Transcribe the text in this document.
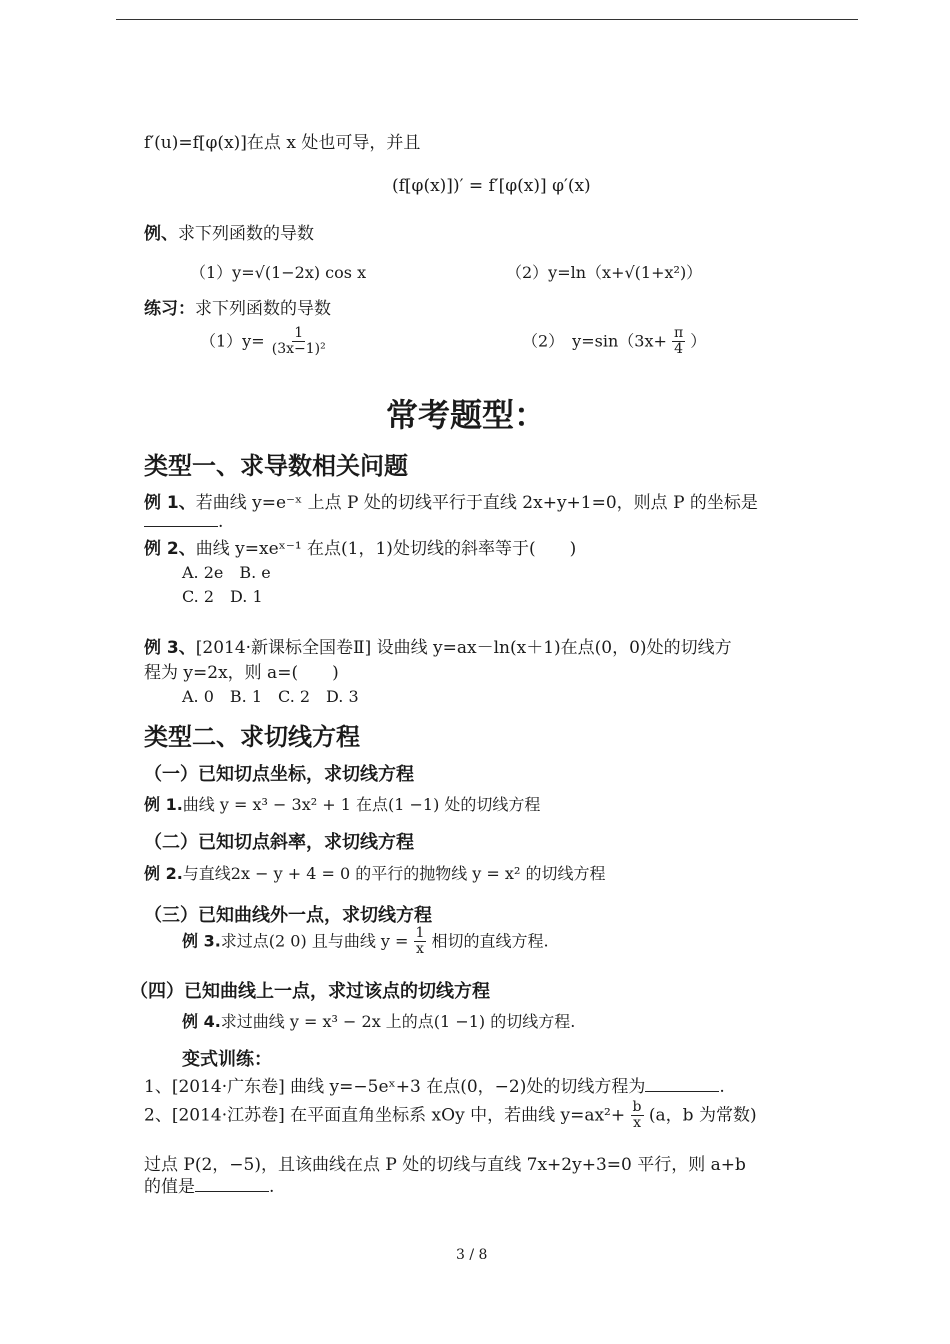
f′(u)=f[φ(x)]在点 x 处也可导，并且
(f[φ(x)])′ = f′[φ(x)] φ′(x)
例、求下列函数的导数
（1）y=√(1−2x) cos x	（2）y=ln（x+√(1+x²)）
练习：求下列函数的导数
$(1)y= \frac{1}{\text{(3x−1)²}}$	（2）　$y=\sin(3x+ \frac{\pi}{4}$ ）
常考题型：
类型一、求导数相关问题
例 1、若曲线 y=e⁻ˣ 上点 P 处的切线平行于直线 2x+y+1=0，则点 P 的坐标是
.
例 2、曲线 y=xeˣ⁻¹ 在点(1，1)处切线的斜率等于(　　)
A. 2e　B. e
C. 2　D. 1
例 3、[2014·新课标全国卷Ⅱ] 设曲线 y=ax－ln(x＋1)在点(0，0)处的切线方
程为 y=2x，则 a=(　　)
A. 0　B. 1　C. 2　D. 3
类型二、求切线方程
（一）已知切点坐标，求切线方程
例 1.曲线 y = x³ − 3x² + 1 在点(1 −1) 处的切线方程
（二）已知切点斜率，求切线方程
例 2.与直线2x − y + 4 = 0 的平行的抛物线 y = x² 的切线方程
（三）已知曲线外一点，求切线方程
例 3.求过点(2 0) 且与曲线 $y = \frac{1}{x}$ 相切的直线方程.
（四）已知曲线上一点，求过该点的切线方程
例 4.求过曲线 y = x³ − 2x 上的点(1 −1) 的切线方程.
变式训练：
1、[2014·广东卷] 曲线 y=−5eˣ+3 在点(0，−2)处的切线方程为	.
2、[2014·江苏卷] 在平面直角坐标系 xOy 中，若曲线 $y=ax^2+ \frac{b}{x} (a$，b 为常数)
过点 P(2，−5)，且该曲线在点 P 处的切线与直线 7x+2y+3=0 平行，则 a+b
的值是	.
3 / 8
